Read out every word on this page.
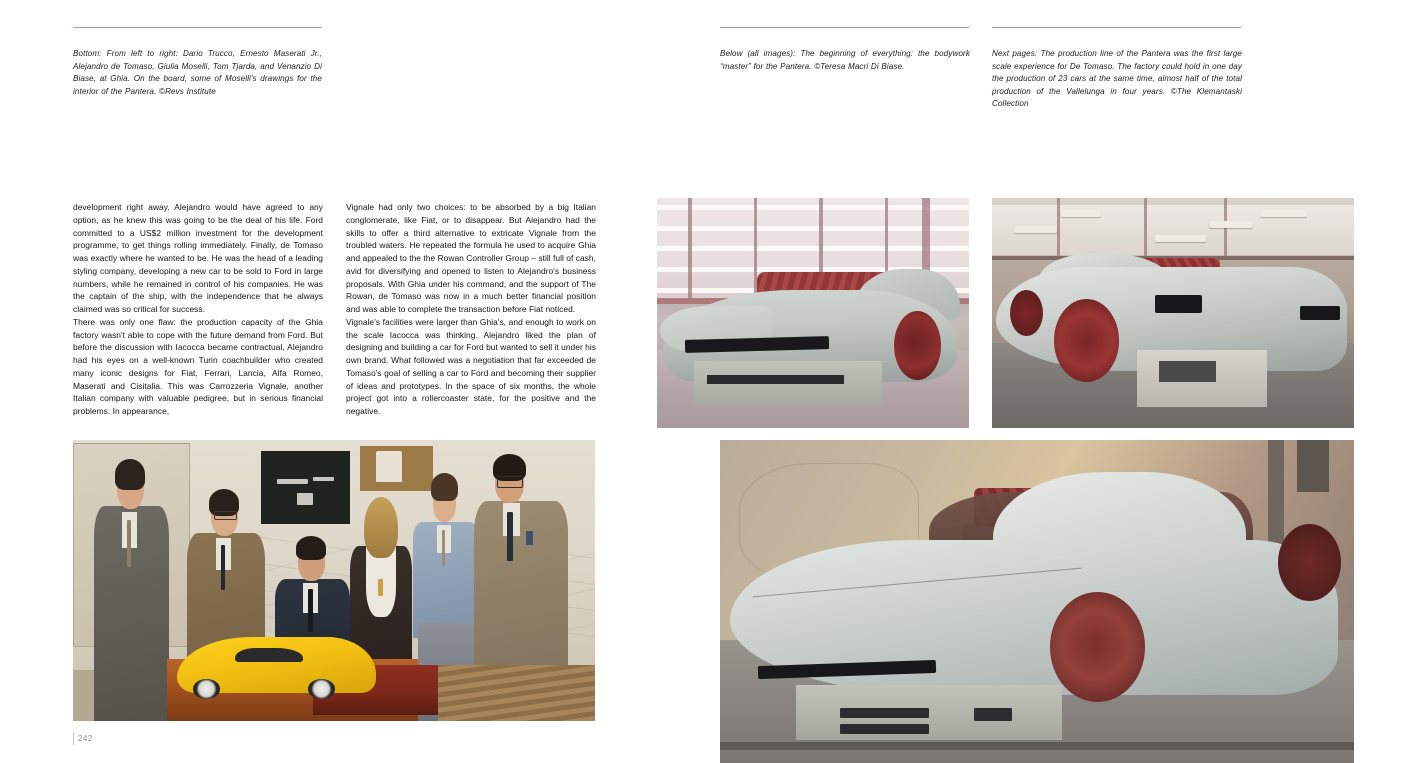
Bottom: From left to right: Dario Trucco, Ernesto Maserati Jr., Alejandro de Tomaso, Giulia Moselli, Tom Tjarda, and Venanzio Di Biase, at Ghia. On the board, some of Moselli's drawings for the interior of the Pantera. ©Revs Institute

development right away. Alejandro would have agreed to any option, as he knew this was going to be the deal of his life. Ford committed to a US$2 million investment for the development programme, to get things rolling immediately. Finally, de Tomaso was exactly where he wanted to be. He was the head of a leading styling company, developing a new car to be sold to Ford in large numbers, while he remained in control of his companies. He was the captain of the ship, with the independence that he always claimed was so critical for success.

There was only one flaw: the production capacity of the Ghia factory wasn't able to cope with the future demand from Ford. But before the discussion with Iacocca became contractual, Alejandro had his eyes on a well-known Turin coachbuilder who created many iconic designs for Fiat, Ferrari, Lancia, Alfa Romeo, Maserati and Cisitalia. This was Carrozzeria Vignale, another Italian company with valuable pedigree, but in serious financial problems. In appearance,

Vignale had only two choices: to be absorbed by a big Italian conglomerate, like Fiat, or to disappear. But Alejandro had the skills to offer a third alternative to extricate Vignale from the troubled waters. He repeated the formula he used to acquire Ghia and appealed to the the Rowan Controller Group – still full of cash, avid for diversifying and opened to listen to Alejandro's business proposals. With Ghia under his command, and the support of The Rowan, de Tomaso was now in a much better financial position and was able to complete the transaction before Fiat noticed.

Vignale's facilities were larger than Ghia's, and enough to work on the scale Iacocca was thinking. Alejandro liked the plan of designing and building a car for Ford but wanted to sell it under his own brand. What followed was a negotiation that far exceeded de Tomaso's goal of selling a car to Ford and becoming their supplier of ideas and prototypes. In the space of six months, the whole project got into a rollercoaster state, for the positive and the negative.

242
Below (all images): The beginning of everything: the bodywork “master” for the Pantera. ©Teresa Macri Di Biase.
Next pages: The production line of the Pantera was the first large scale experience for De Tomaso. The factory could hold in one day the production of 23 cars at the same time, almost half of the total production of the Vallelunga in four years. ©The Klemantaski Collection
